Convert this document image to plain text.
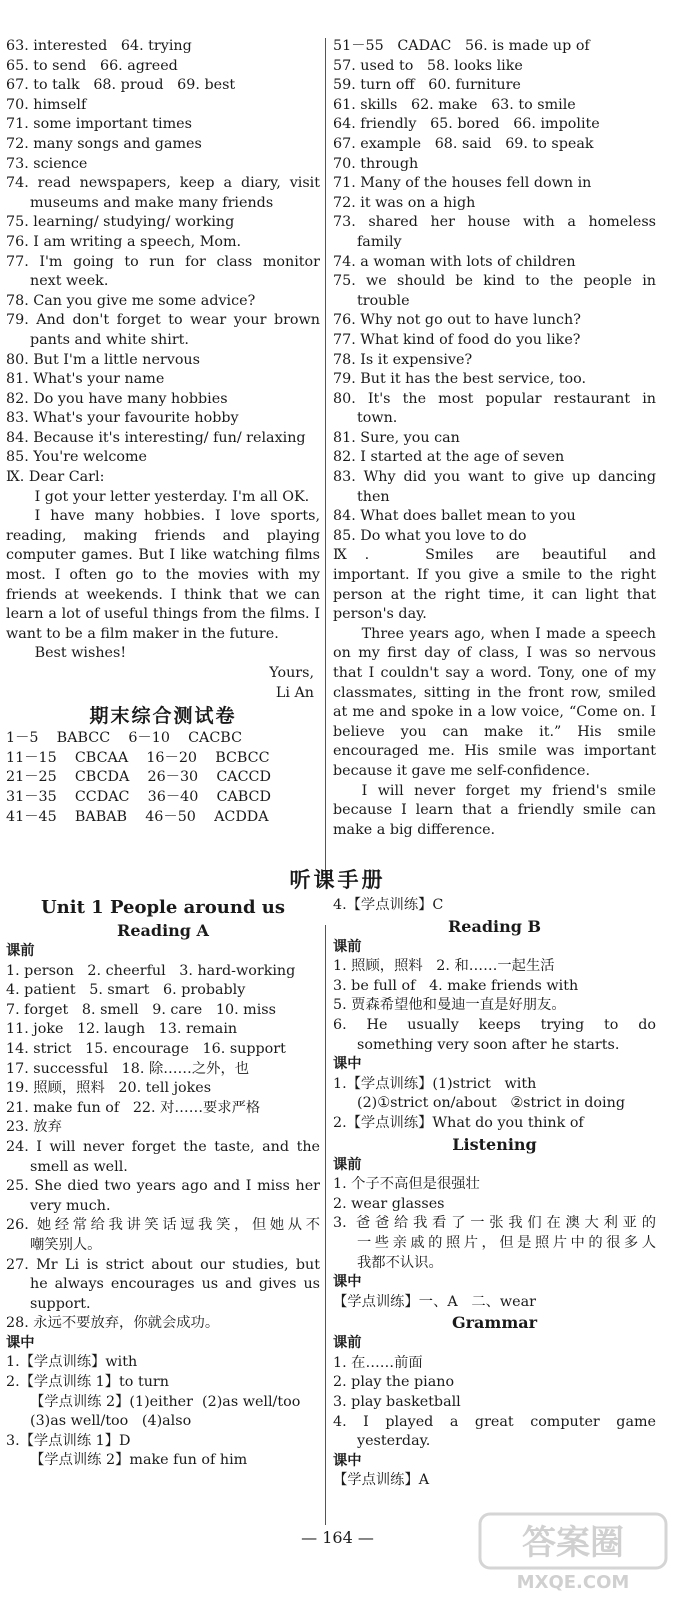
63. interested   64. trying
65. to send   66. agreed
67. to talk   68. proud   69. best
70. himself
71. some important times
72. many songs and games
73. science
74. read newspapers, keep a diary, visit
museums and make many friends
75. learning/ studying/ working
76. I am writing a speech, Mom.
77. I'm going to run for class monitor
next week.
78. Can you give me some advice?
79. And don't forget to wear your brown
pants and white shirt.
80. But I'm a little nervous
81. What's your name
82. Do you have many hobbies
83. What's your favourite hobby
84. Because it's interesting/ fun/ relaxing
85. You're welcome
Ⅸ. Dear Carl:
I got your letter yesterday. I'm all OK.
I have many hobbies. I love sports, reading, making friends and playing computer games. But I like watching films most. I often go to the movies with my friends at weekends. I think that we can learn a lot of useful things from the films. I want to be a film maker in the future.
Best wishes!
Yours,
Li An
期末综合测试卷
1－5    BABCC    6－10    CACBC
11－15    CBCAA    16－20    BCBCC
21－25    CBCDA    26－30    CACCD
31－35    CCDAC    36－40    CABCD
41－45    BABAB    46－50    ACDDA
51－55   CADAC   56. is made up of
57. used to   58. looks like
59. turn off   60. furniture
61. skills   62. make   63. to smile
64. friendly   65. bored   66. impolite
67. example   68. said   69. to speak
70. through
71. Many of the houses fell down in
72. it was on a high
73. shared her house with a homeless
family
74. a woman with lots of children
75. we should be kind to the people in
trouble
76. Why not go out to have lunch?
77. What kind of food do you like?
78. Is it expensive?
79. But it has the best service, too.
80. It's the most popular restaurant in
town.
81. Sure, you can
82. I started at the age of seven
83. Why did you want to give up dancing
then
84. What does ballet mean to you
85. Do what you love to do
Ⅸ.	Smiles are beautiful and important. If you give a smile to the right person at the right time, it can light that person's day.
Three years ago, when I made a speech on my first day of class, I was so nervous that I couldn't say a word. Tony, one of my classmates, sitting in the front row, smiled at me and spoke in a low voice, “Come on. I believe you can make it.” His smile encouraged me. His smile was important because it gave me self-confidence.
I will never forget my friend's smile because I learn that a friendly smile can make a big difference.
听课手册
Unit 1 People around us
Reading A
课前
1. person   2. cheerful   3. hard-working
4. patient   5. smart   6. probably
7. forget   8. smell   9. care   10. miss
11. joke   12. laugh   13. remain
14. strict   15. encourage   16. support
17. successful   18. 除……之外，也
19. 照顾，照料   20. tell jokes
21. make fun of   22. 对……要求严格
23. 放弃
24. I will never forget the taste, and the
smell as well.
25. She died two years ago and I miss her
very much.
26. 她经常给我讲笑话逗我笑，但她从不
嘲笑别人。
27. Mr Li is strict about our studies, but
he always encourages us and gives us
support.
28. 永远不要放弃，你就会成功。
课中
1.【学点训练】with
2.【学点训练 1】to turn
【学点训练 2】(1)either  (2)as well/too
(3)as well/too   (4)also
3.【学点训练 1】D
【学点训练 2】make fun of him
4.【学点训练】C
Reading B
课前
1. 照顾，照料   2. 和……一起生活
3. be full of   4. make friends with
5. 贾森希望他和曼迪一直是好朋友。
6. He usually keeps trying to do
something very soon after he starts.
课中
1.【学点训练】(1)strict   with
(2)①strict on/about   ②strict in doing
2.【学点训练】What do you think of
Listening
课前
1. 个子不高但是很强壮
2. wear glasses
3. 爸爸给我看了一张我们在澳大利亚的
一些亲戚的照片，但是照片中的很多人
我都不认识。
课中
【学点训练】一、A   二、wear
Grammar
课前
1. 在……前面
2. play the piano
3. play basketball
4. I played a great computer game
yesterday.
课中
【学点训练】A
— 164 —	答案圈
MXQE.COM
